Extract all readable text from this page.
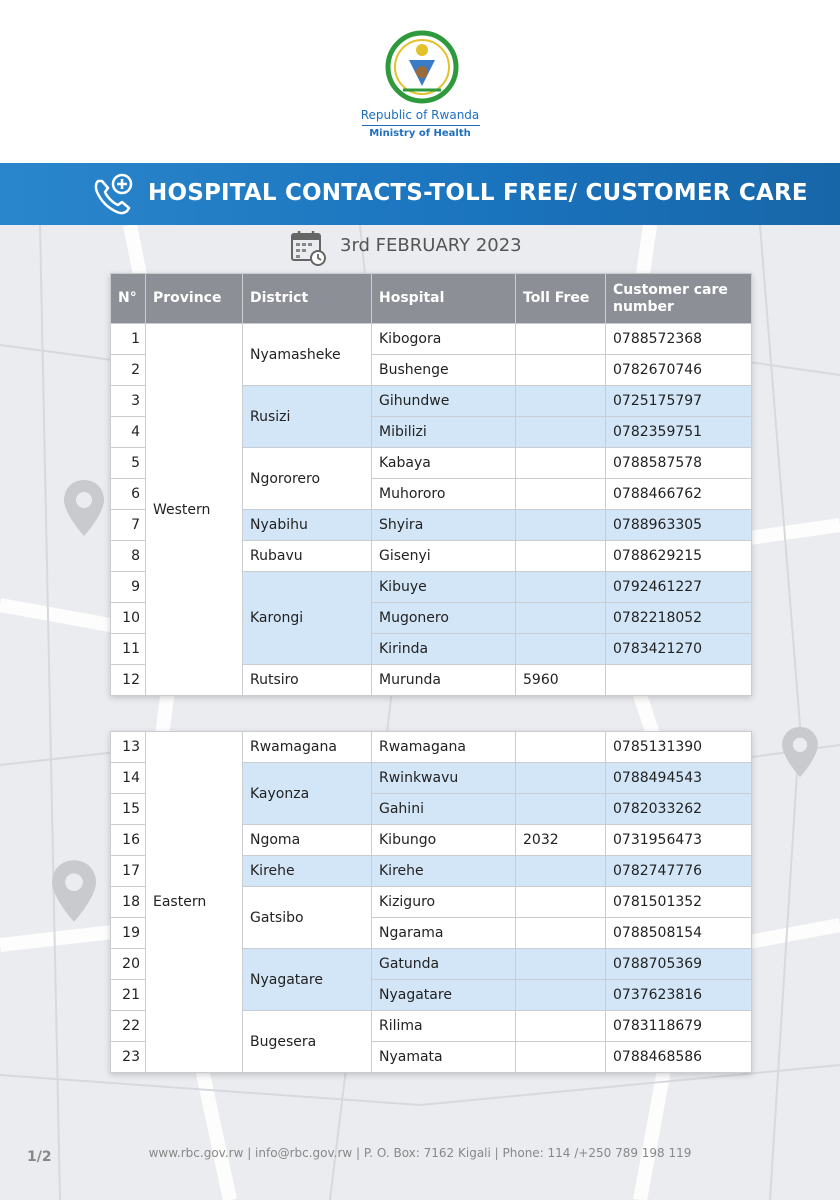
Republic of Rwanda
Ministry of Health
HOSPITAL CONTACTS-TOLL FREE/ CUSTOMER CARE
3rd FEBRUARY 2023
N°	Province	District	Hospital	Toll Free	Customer care number
1	Western	Nyamasheke	Kibogora		0788572368
2			Bushenge		0782670746
3		Rusizi	Gihundwe		0725175797
4			Mibilizi		0782359751
5		Ngororero	Kabaya		0788587578
6			Muhororo		0788466762
7		Nyabihu	Shyira		0788963305
8		Rubavu	Gisenyi		0788629215
9		Karongi	Kibuye		0792461227
10			Mugonero		0782218052
11			Kirinda		0783421270
12		Rutsiro	Murunda	5960	
13	Eastern	Rwamagana	Rwamagana		0785131390
14		Kayonza	Rwinkwavu		0788494543
15			Gahini		0782033262
16		Ngoma	Kibungo	2032	0731956473
17		Kirehe	Kirehe		0782747776
18		Gatsibo	Kiziguro		0781501352
19			Ngarama		0788508154
20		Nyagatare	Gatunda		0788705369
21			Nyagatare		0737623816
22		Bugesera	Rilima		0783118679
23			Nyamata		0788468586
1/2	www.rbc.gov.rw | info@rbc.gov.rw | P. O. Box: 7162 Kigali | Phone: 114 /+250 789 198 119
